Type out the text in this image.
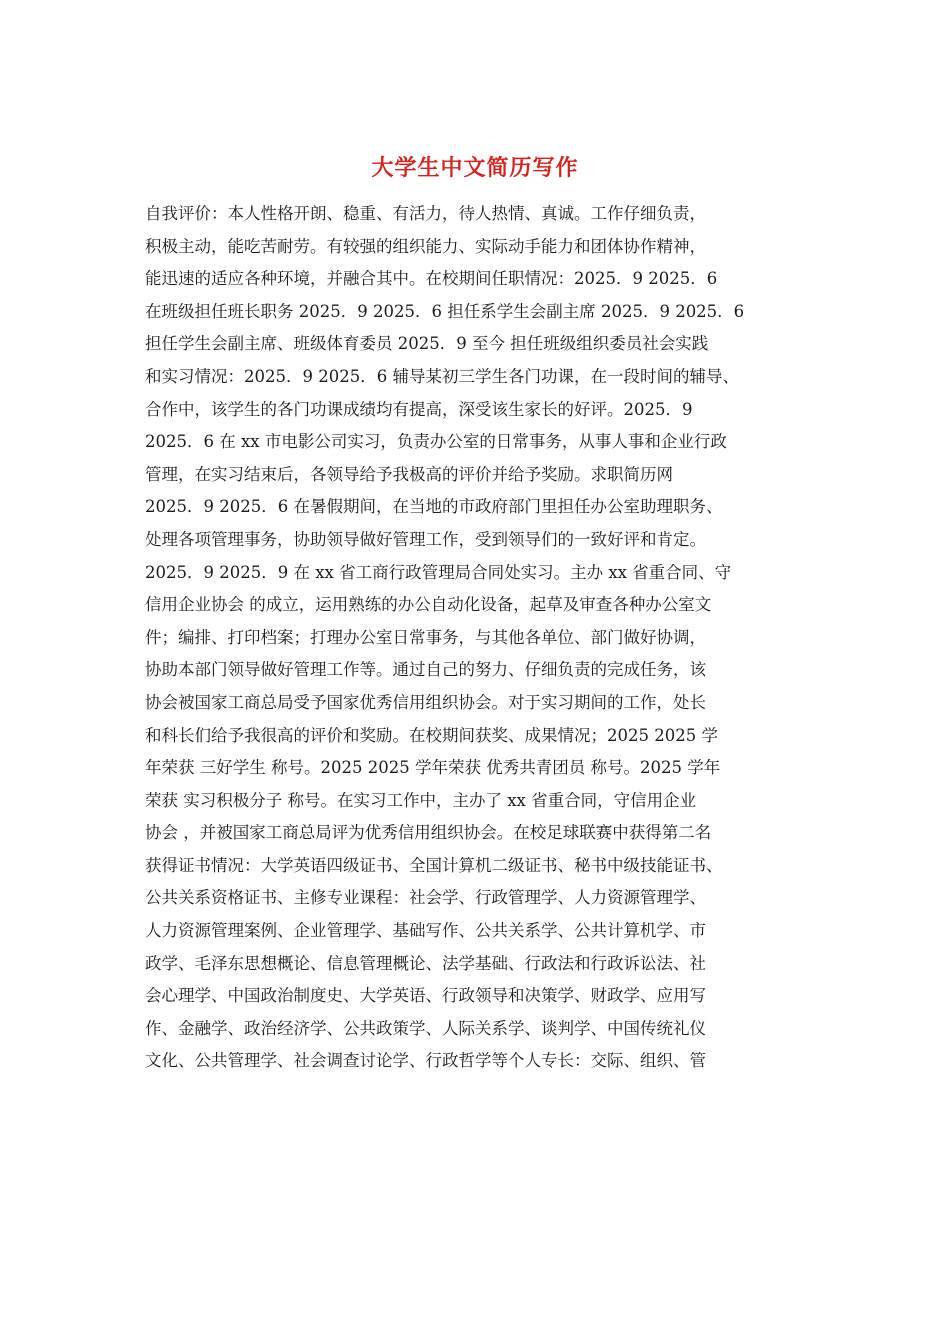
大学生中文简历写作
自我评价：本人性格开朗、稳重、有活力，待人热情、真诚。工作仔细负责，
积极主动，能吃苦耐劳。有较强的组织能力、实际动手能力和团体协作精神，
能迅速的适应各种环境，并融合其中。在校期间任职情况：2025．9 2025．6
在班级担任班长职务 2025．9 2025．6 担任系学生会副主席 2025．9 2025．6
担任学生会副主席、班级体育委员 2025．9 至今 担任班级组织委员社会实践
和实习情况：2025．9 2025．6 辅导某初三学生各门功课，在一段时间的辅导、
合作中，该学生的各门功课成绩均有提高，深受该生家长的好评。2025．9
2025．6 在 xx 市电影公司实习，负责办公室的日常事务，从事人事和企业行政
管理，在实习结束后，各领导给予我极高的评价并给予奖励。求职简历网
2025．9 2025．6 在暑假期间，在当地的市政府部门里担任办公室助理职务、
处理各项管理事务，协助领导做好管理工作，受到领导们的一致好评和肯定。
2025．9 2025．9 在 xx 省工商行政管理局合同处实习。主办 xx 省重合同、守
信用企业协会 的成立，运用熟练的办公自动化设备，起草及审查各种办公室文
件；编排、打印档案；打理办公室日常事务，与其他各单位、部门做好协调，
协助本部门领导做好管理工作等。通过自己的努力、仔细负责的完成任务，该
协会被国家工商总局受予国家优秀信用组织协会。对于实习期间的工作，处长
和科长们给予我很高的评价和奖励。在校期间获奖、成果情况；2025 2025 学
年荣获 三好学生 称号。2025 2025 学年荣获 优秀共青团员 称号。2025 学年
荣获 实习积极分子 称号。在实习工作中，主办了 xx 省重合同，守信用企业
协会 ，并被国家工商总局评为优秀信用组织协会。在校足球联赛中获得第二名
获得证书情况：大学英语四级证书、全国计算机二级证书、秘书中级技能证书、
公共关系资格证书、主修专业课程：社会学、行政管理学、人力资源管理学、
人力资源管理案例、企业管理学、基础写作、公共关系学、公共计算机学、市
政学、毛泽东思想概论、信息管理概论、法学基础、行政法和行政诉讼法、社
会心理学、中国政治制度史、大学英语、行政领导和决策学、财政学、应用写
作、金融学、政治经济学、公共政策学、人际关系学、谈判学、中国传统礼仪
文化、公共管理学、社会调查讨论学、行政哲学等个人专长：交际、组织、管
